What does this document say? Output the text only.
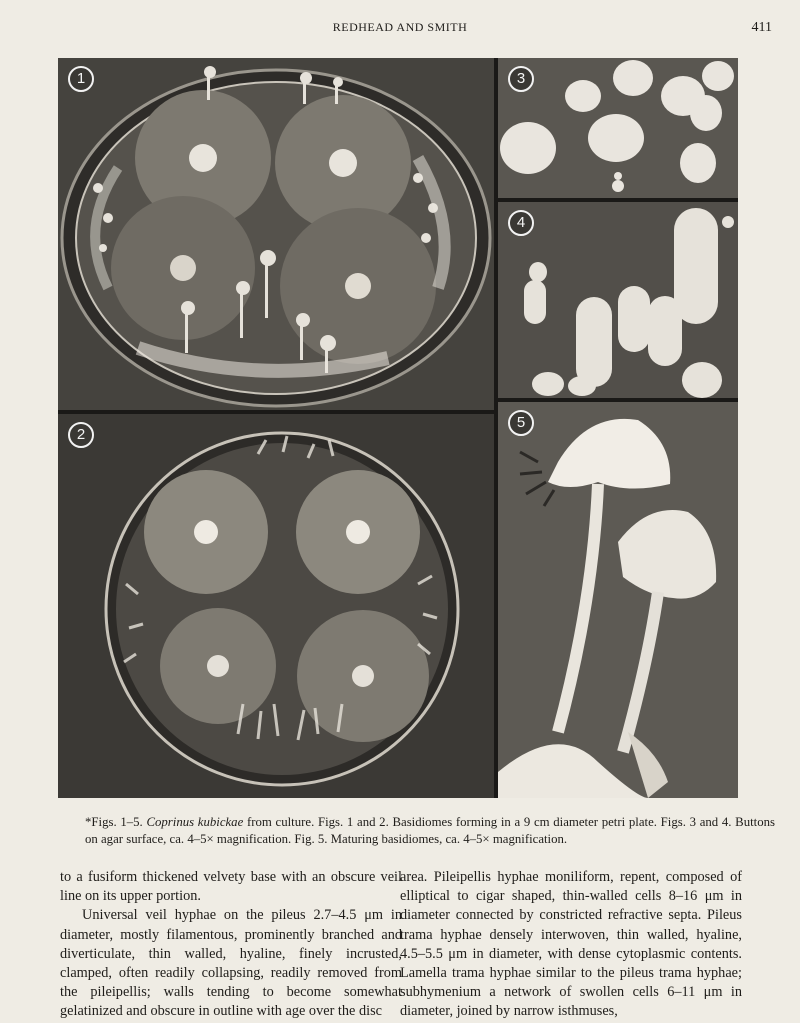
REDHEAD AND SMITH	411
1	3
4
2
5
*Figs. 1–5. Coprinus kubickae from culture. Figs. 1 and 2. Basidiomes forming in a 9 cm diameter petri plate. Figs. 3 and 4. Buttons on agar surface, ca. 4–5× magnification. Fig. 5. Maturing basidiomes, ca. 4–5× magnification.

to a fusiform thickened velvety base with an obscure veil line on its upper portion.

Universal veil hyphae on the pileus 2.7–4.5 μm in diameter, mostly filamentous, prominently branched and diverticulate, thin walled, hyaline, finely incrusted, clamped, often readily collapsing, readily removed from the pileipellis; walls tending to become somewhat gelatinized and obscure in outline with age over the disc

area. Pileipellis hyphae moniliform, repent, composed of elliptical to cigar shaped, thin-walled cells 8–16 μm in diameter connected by constricted refractive septa. Pileus trama hyphae densely interwoven, thin walled, hyaline, 4.5–5.5 μm in diameter, with dense cytoplasmic contents. Lamella trama hyphae similar to the pileus trama hyphae; subhymenium a network of swollen cells 6–11 μm in diameter, joined by narrow isthmuses,
